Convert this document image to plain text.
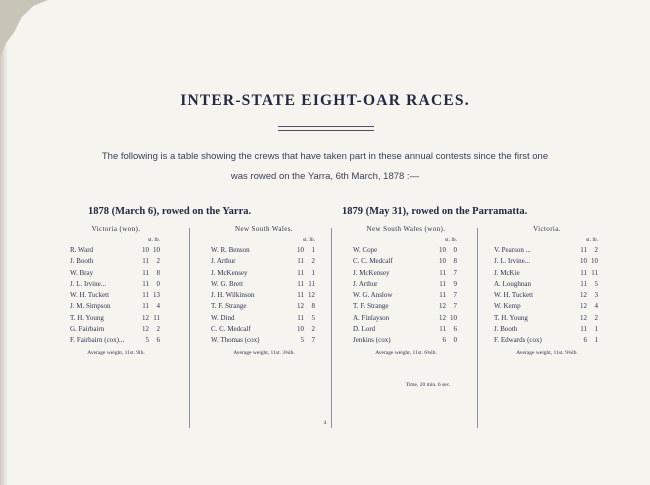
INTER-STATE EIGHT-OAR RACES.
The following is a table showing the crews that have taken part in these annual contests since the first one
was rowed on the Yarra, 6th March, 1878 :—
1878 (March 6), rowed on the Yarra.	1879 (May 31), rowed on the Parramatta.
Victoria (won).
st. lb.
R. Ward	10 10
J. Booth	11 2
W. Bray	11 8
J. L. Irvine...	11 0
W. H. Tuckett	11 13
J. M. Simpson	11 4
T. H. Young	12 11
G. Fairbairn	12 2
F. Fairbairn (cox)...	5 6
Average weight, 11st. 9lb.
New South Wales.
st. lb.
W. R. Benson	10 1
J. Arthur	11 2
J. McKensey	11 1
W. G. Brett	11 11
J. H. Wilkinson	11 12
T. F. Strange	12 8
W. Dind	11 5
C. C. Medcalf	10 2
W. Thomas (cox)	5 7
Average weight, 11st. 3¾lb.
New South Wales (won).
st. lb.
W. Cope	10 0
C. C. Medcalf	10 8
J. McKensey	11 7
J. Arthur	11 9
W. G. Anslow	11 7
T. F. Strange	12 7
A. Finlayson	12 10
D. Lord	11 6
Jenkins (cox)	6 0
Average weight, 11st. 6¾lb.
Victoria.
st. lb.
V. Pearson ...	11 2
J. L. Irvine...	10 10
J. McKie	11 11
A. Loughnan	11 5
W. H. Tuckett	12 3
W. Kemp	12 4
T. H. Young	12 2
J. Booth	11 1
F. Edwards (cox)	6 1
Average weight, 11st. 9¾lb.
Time, 20 min. 6 sec.
4
